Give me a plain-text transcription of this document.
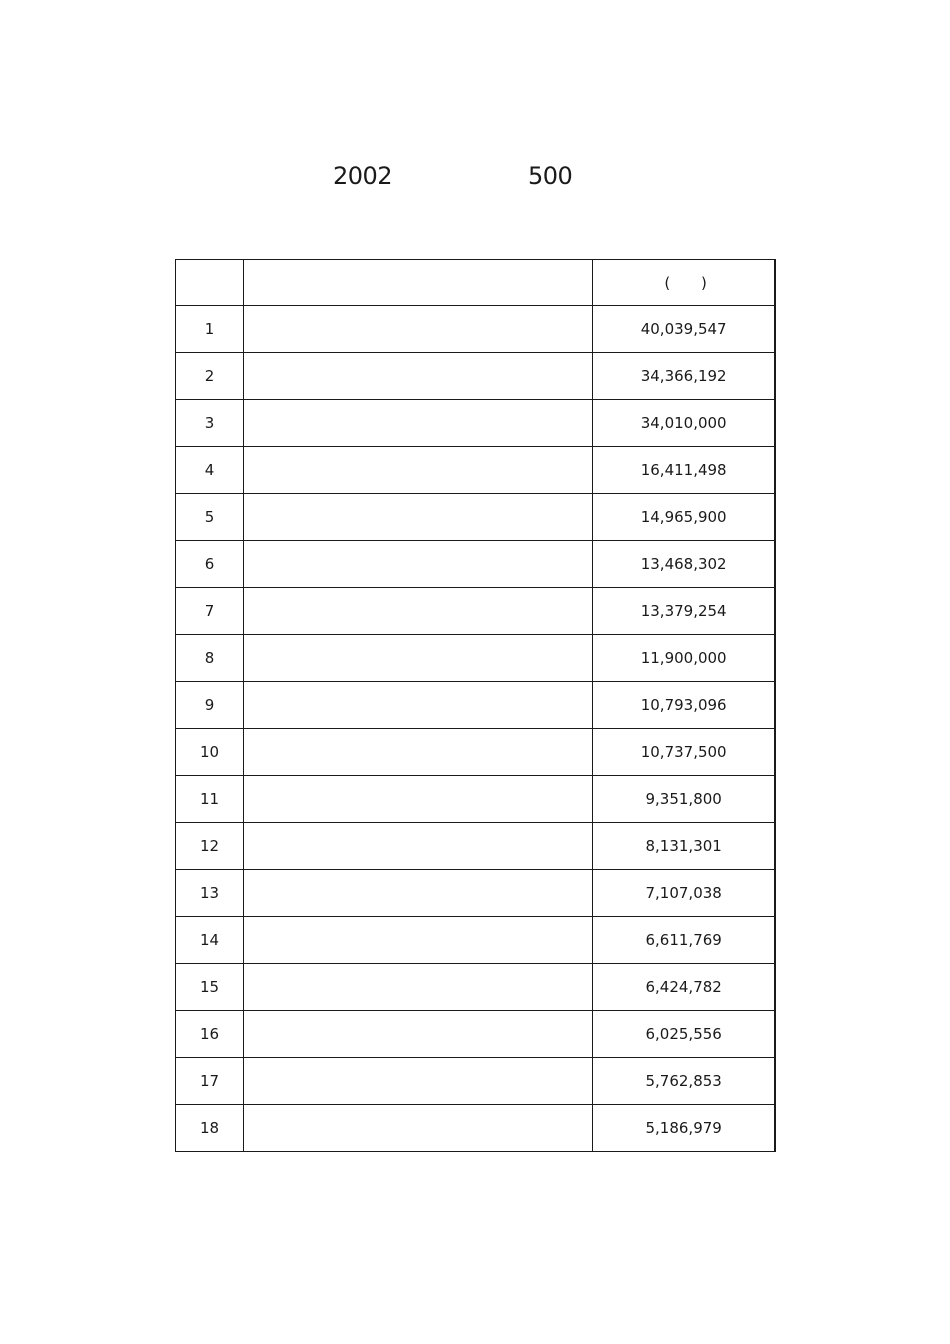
2002	500
		( )
1		40,039,547
2		34,366,192
3		34,010,000
4		16,411,498
5		14,965,900
6		13,468,302
7		13,379,254
8		11,900,000
9		10,793,096
10		10,737,500
11		9,351,800
12		8,131,301
13		7,107,038
14		6,611,769
15		6,424,782
16		6,025,556
17		5,762,853
18		5,186,979
